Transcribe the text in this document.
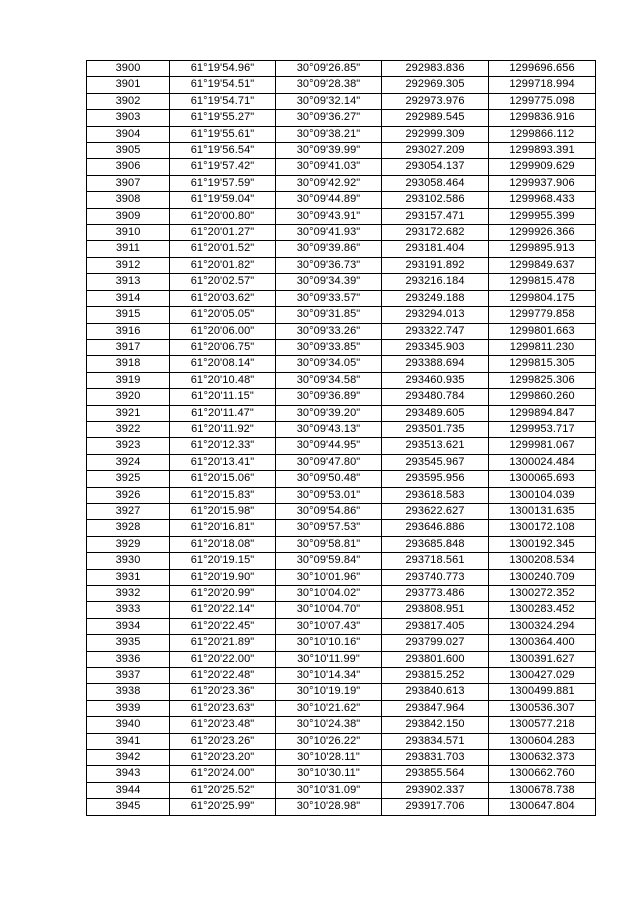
3900	61°19'54.96"	30°09'26.85"	292983.836	1299696.656
3901	61°19'54.51"	30°09'28.38"	292969.305	1299718.994
3902	61°19'54.71"	30°09'32.14"	292973.976	1299775.098
3903	61°19'55.27"	30°09'36.27"	292989.545	1299836.916
3904	61°19'55.61"	30°09'38.21"	292999.309	1299866.112
3905	61°19'56.54"	30°09'39.99"	293027.209	1299893.391
3906	61°19'57.42"	30°09'41.03"	293054.137	1299909.629
3907	61°19'57.59"	30°09'42.92"	293058.464	1299937.906
3908	61°19'59.04"	30°09'44.89"	293102.586	1299968.433
3909	61°20'00.80"	30°09'43.91"	293157.471	1299955.399
3910	61°20'01.27"	30°09'41.93"	293172.682	1299926.366
3911	61°20'01.52"	30°09'39.86"	293181.404	1299895.913
3912	61°20'01.82"	30°09'36.73"	293191.892	1299849.637
3913	61°20'02.57"	30°09'34.39"	293216.184	1299815.478
3914	61°20'03.62"	30°09'33.57"	293249.188	1299804.175
3915	61°20'05.05"	30°09'31.85"	293294.013	1299779.858
3916	61°20'06.00"	30°09'33.26"	293322.747	1299801.663
3917	61°20'06.75"	30°09'33.85"	293345.903	1299811.230
3918	61°20'08.14"	30°09'34.05"	293388.694	1299815.305
3919	61°20'10.48"	30°09'34.58"	293460.935	1299825.306
3920	61°20'11.15"	30°09'36.89"	293480.784	1299860.260
3921	61°20'11.47"	30°09'39.20"	293489.605	1299894.847
3922	61°20'11.92"	30°09'43.13"	293501.735	1299953.717
3923	61°20'12.33"	30°09'44.95"	293513.621	1299981.067
3924	61°20'13.41"	30°09'47.80"	293545.967	1300024.484
3925	61°20'15.06"	30°09'50.48"	293595.956	1300065.693
3926	61°20'15.83"	30°09'53.01"	293618.583	1300104.039
3927	61°20'15.98"	30°09'54.86"	293622.627	1300131.635
3928	61°20'16.81"	30°09'57.53"	293646.886	1300172.108
3929	61°20'18.08"	30°09'58.81"	293685.848	1300192.345
3930	61°20'19.15"	30°09'59.84"	293718.561	1300208.534
3931	61°20'19.90"	30°10'01.96"	293740.773	1300240.709
3932	61°20'20.99"	30°10'04.02"	293773.486	1300272.352
3933	61°20'22.14"	30°10'04.70"	293808.951	1300283.452
3934	61°20'22.45"	30°10'07.43"	293817.405	1300324.294
3935	61°20'21.89"	30°10'10.16"	293799.027	1300364.400
3936	61°20'22.00"	30°10'11.99"	293801.600	1300391.627
3937	61°20'22.48"	30°10'14.34"	293815.252	1300427.029
3938	61°20'23.36"	30°10'19.19"	293840.613	1300499.881
3939	61°20'23.63"	30°10'21.62"	293847.964	1300536.307
3940	61°20'23.48"	30°10'24.38"	293842.150	1300577.218
3941	61°20'23.26"	30°10'26.22"	293834.571	1300604.283
3942	61°20'23.20"	30°10'28.11"	293831.703	1300632.373
3943	61°20'24.00"	30°10'30.11"	293855.564	1300662.760
3944	61°20'25.52"	30°10'31.09"	293902.337	1300678.738
3945	61°20'25.99"	30°10'28.98"	293917.706	1300647.804
